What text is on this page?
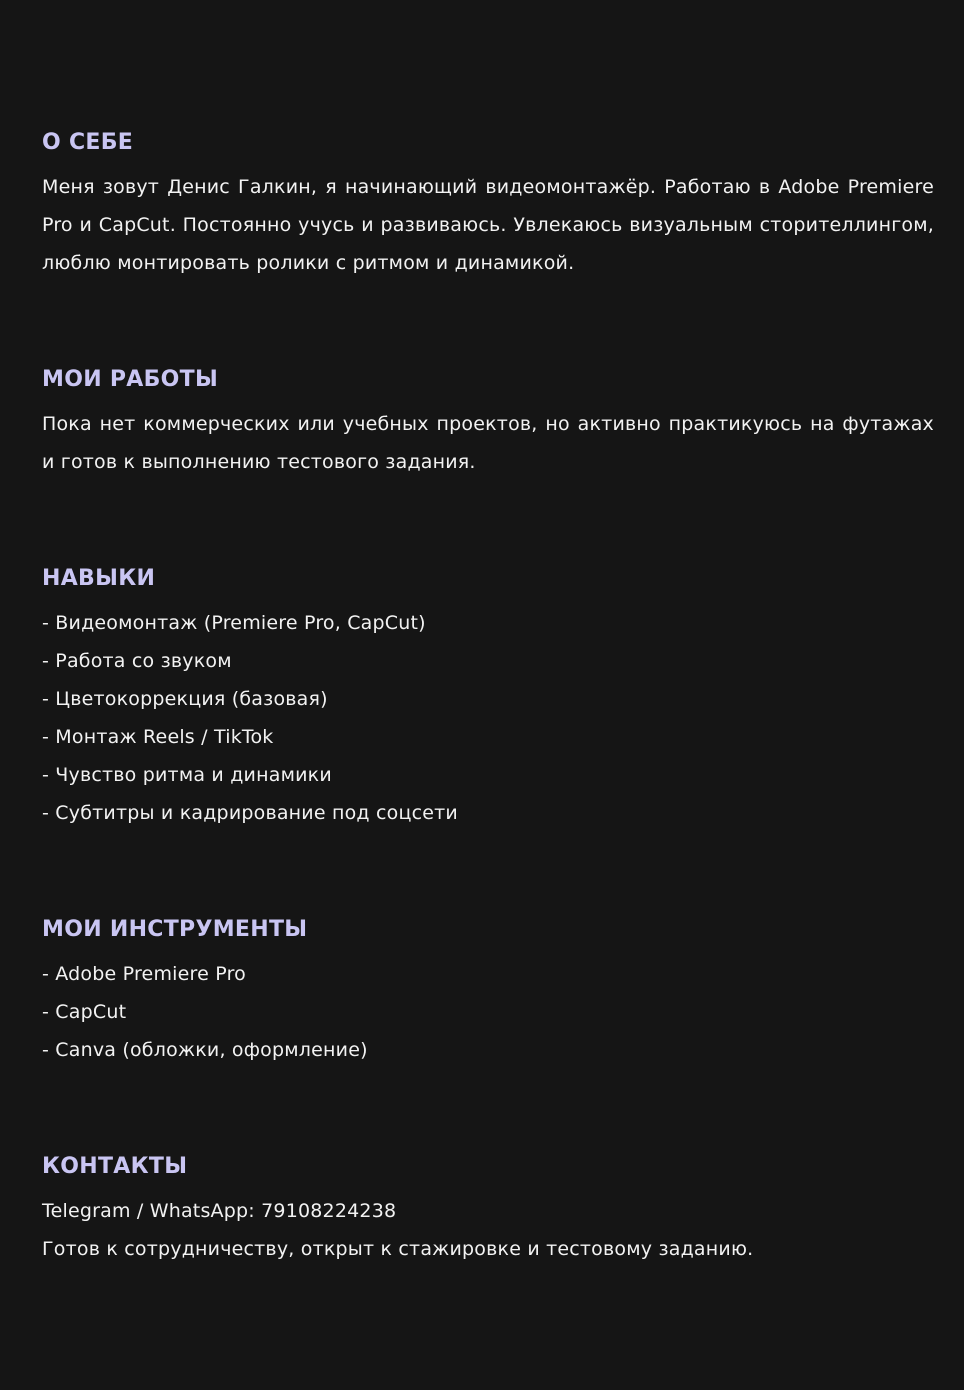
О СЕБЕ

Меня зовут Денис Галкин, я начинающий видеомонтажёр. Работаю в Adobe Premiere Pro и CapCut. Постоянно учусь и развиваюсь. Увлекаюсь визуальным сторителлингом, люблю монтировать ролики с ритмом и динамикой.

МОИ РАБОТЫ

Пока нет коммерческих или учебных проектов, но активно практикуюсь на футажах и готов к выполнению тестового задания.

НАВЫКИ
- Видеомонтаж (Premiere Pro, CapCut)
- Работа со звуком
- Цветокоррекция (базовая)
- Монтаж Reels / TikTok
- Чувство ритма и динамики
- Субтитры и кадрирование под соцсети
МОИ ИНСТРУМЕНТЫ
- Adobe Premiere Pro
- CapCut
- Canva (обложки, оформление)
КОНТАКТЫ
Telegram / WhatsApp: 79108224238
Готов к сотрудничеству, открыт к стажировке и тестовому заданию.
